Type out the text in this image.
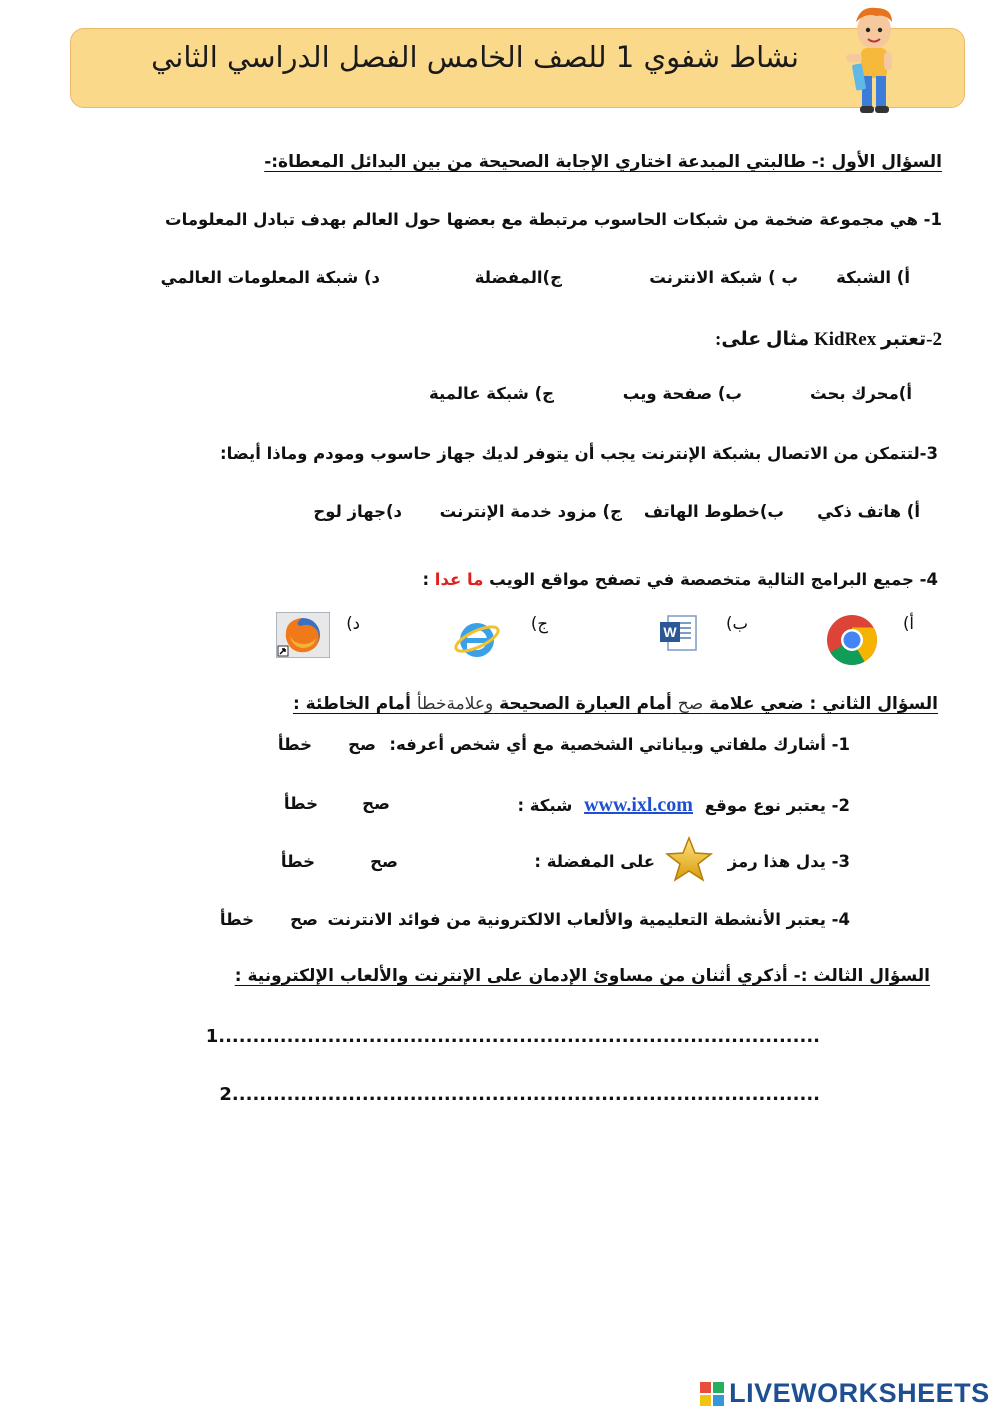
نشاط شفوي 1 للصف الخامس الفصل الدراسي الثاني
السؤال الأول :- طالبتي المبدعة اختاري الإجابة الصحيحة من بين البدائل المعطاة:-
1- هي مجموعة ضخمة من شبكات الحاسوب مرتبطة مع بعضها حول العالم بهدف تبادل المعلومات
أ) الشبكة
ب ) شبكة الانترنت
ج)المفضلة
د) شبكة المعلومات العالمي
2-تعتبر KidRex مثال على:
أ)محرك بحث
ب) صفحة ويب
ج) شبكة عالمية
3-لتتمكن من الاتصال بشبكة الإنترنت يجب أن يتوفر لديك جهاز حاسوب ومودم وماذا أيضا:
أ) هاتف ذكي
ب)خطوط الهاتف
ج) مزود خدمة الإنترنت
د)جهاز لوح
4- جميع البرامج التالية متخصصة في تصفح مواقع الويب ما عدا :
أ)
ب)
W
ج)
د)
السؤال الثاني : ضعي علامة صح أمام العبارة الصحيحة وعلامةخطأ أمام الخاطئة :
1- أشارك ملفاتي وبياناتي الشخصية مع أي شخص أعرفه:
صح
خطأ
2- يعتبر نوع موقع www.ixl.com شبكة :
صح
خطأ
3- يدل هذا رمز
على المفضلة :
صح
خطأ
4- يعتبر الأنشطة التعليمية والألعاب الالكترونية من فوائد الانترنت
صح
خطأ
السؤال الثالث :- أذكري أثنان من مساوئ الإدمان على الإنترنت والألعاب الإلكترونية :
1........................................................................................
2......................................................................................
LIVEWORKSHEETS
